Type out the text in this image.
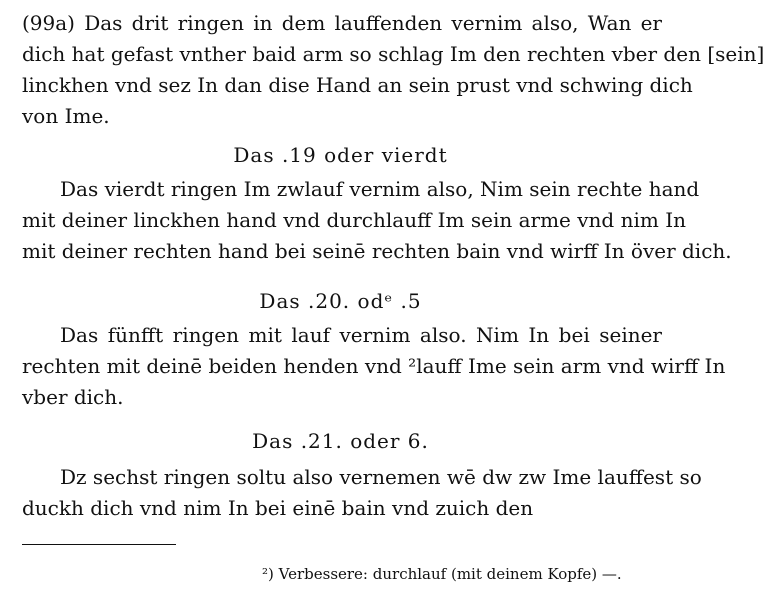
(99a) Das drit ringen in dem lauffenden vernim also, Wan er
dich hat gefast vnther baid arm so schlag Im den rechten vber den [sein]
linckhen vnd sez In dan dise Hand an sein prust vnd schwing dich
von Ime.
Das .19 oder vierdt
Das vierdt ringen Im zwlauf vernim also, Nim sein rechte hand
mit deiner linckhen hand vnd durchlauff Im sein arme vnd nim In
mit deiner rechten hand bei seinē rechten bain vnd wirff In över dich.
Das .20. odᵉ .5
Das fünfft ringen mit lauf vernim also. Nim In bei seiner
rechten mit deinē beiden henden vnd ²lauff Ime sein arm vnd wirff In
vber dich.
Das .21. oder 6.
Dz sechst ringen soltu also vernemen wē dw zw Ime lauffest so
duckh dich vnd nim In bei einē bain vnd zuich den
²) Verbessere: durchlauf (mit deinem Kopfe) —.
